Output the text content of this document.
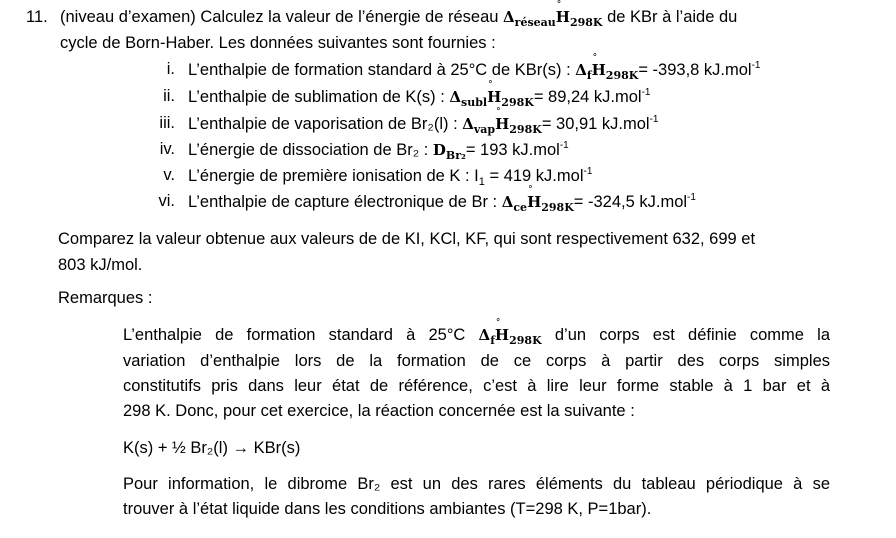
11. (niveau d’examen) Calculez la valeur de l’énergie de réseau $\Delta_{réseau}H$
°
$_{298K}$ de KBr à l’aide du
cycle de Born-Haber. Les données suivantes sont fournies :
i. L’enthalpie de formation standard à 25°C de KBr(s) : $\Delta_fH$
°
$_{298K}$= -393,8 kJ.mol$^{-1}$
ii. L’enthalpie de sublimation de K(s) : $\Delta_{subl}H$
°
$_{298K}$= 89,24 kJ.mol$^{-1}$
iii. L’enthalpie de vaporisation de Br₂(l) : $\Delta_{vap}H$
°
$_{298K}$= 30,91 kJ.mol$^{-1}$
iv. L’énergie de dissociation de Br₂ : $D_{Br_2}= 193$ kJ.mol$^{-1}$
v. L’énergie de première ionisation de K : $I_1 = 419$ kJ.mol$^{-1}$
vi. L’enthalpie de capture électronique de Br : $\Delta_{ce}H$
°
$_{298K}$= -324,5 kJ.mol$^{-1}$
Comparez la valeur obtenue aux valeurs de de KI, KCl, KF, qui sont respectivement 632, 699 et
803 kJ/mol.
Remarques :
L’enthalpie de formation standard à 25°C $\Delta_fH$
°
$_{298K}$ d’un corps est définie comme la
variation d’enthalpie lors de la formation de ce corps à partir des corps simples
constitutifs pris dans leur état de référence, c’est à lire leur forme stable à 1 bar et à
298 K. Donc, pour cet exercice, la réaction concernée est la suivante :
K(s) + ½ Br₂(l) → KBr(s)
Pour information, le dibrome Br₂ est un des rares éléments du tableau périodique à se
trouver à l’état liquide dans les conditions ambiantes (T=298 K, P=1bar).
